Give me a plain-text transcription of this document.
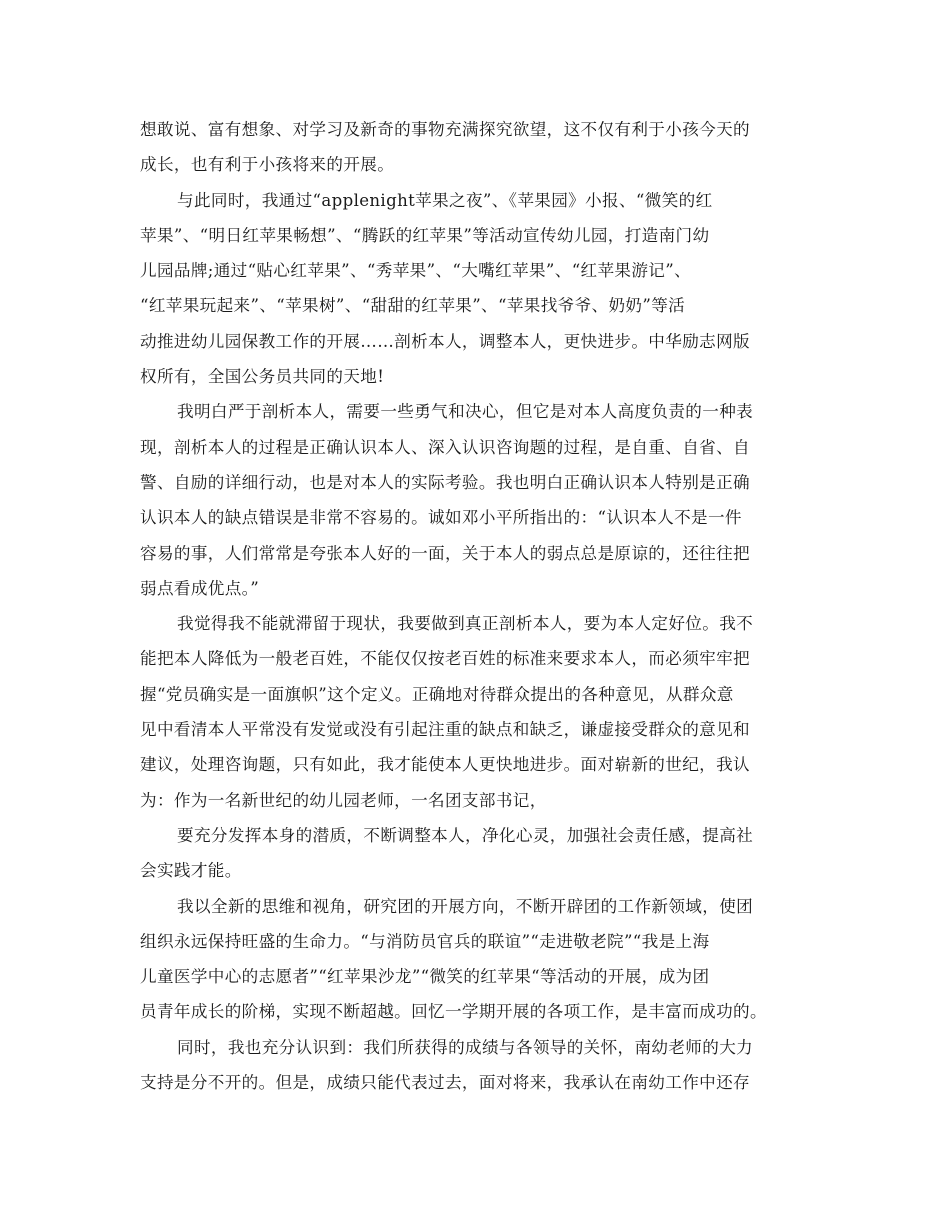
想敢说、富有想象、对学习及新奇的事物充满探究欲望，这不仅有利于小孩今天的
成长，也有利于小孩将来的开展。
与此同时，我通过“applenight苹果之夜”、《苹果园》小报、“微笑的红
苹果”、“明日红苹果畅想”、“腾跃的红苹果”等活动宣传幼儿园，打造南门幼
儿园品牌;通过“贴心红苹果”、“秀苹果”、“大嘴红苹果”、“红苹果游记”、
“红苹果玩起来”、“苹果树”、“甜甜的红苹果”、“苹果找爷爷、奶奶”等活
动推进幼儿园保教工作的开展……剖析本人，调整本人，更快进步。中华励志网版
权所有，全国公务员共同的天地!
我明白严于剖析本人，需要一些勇气和决心，但它是对本人高度负责的一种表
现，剖析本人的过程是正确认识本人、深入认识咨询题的过程，是自重、自省、自
警、自励的详细行动，也是对本人的实际考验。我也明白正确认识本人特别是正确
认识本人的缺点错误是非常不容易的。诚如邓小平所指出的：“认识本人不是一件
容易的事，人们常常是夸张本人好的一面，关于本人的弱点总是原谅的，还往往把
弱点看成优点。”
我觉得我不能就滞留于现状，我要做到真正剖析本人，要为本人定好位。我不
能把本人降低为一般老百姓，不能仅仅按老百姓的标准来要求本人，而必须牢牢把
握“党员确实是一面旗帜”这个定义。正确地对待群众提出的各种意见，从群众意
见中看清本人平常没有发觉或没有引起注重的缺点和缺乏，谦虚接受群众的意见和
建议，处理咨询题，只有如此，我才能使本人更快地进步。面对崭新的世纪，我认
为：作为一名新世纪的幼儿园老师，一名团支部书记，
要充分发挥本身的潜质，不断调整本人，净化心灵，加强社会责任感，提高社
会实践才能。
我以全新的思维和视角，研究团的开展方向，不断开辟团的工作新领域，使团
组织永远保持旺盛的生命力。“与消防员官兵的联谊”“走进敬老院”“我是上海
儿童医学中心的志愿者”“红苹果沙龙”“微笑的红苹果“等活动的开展，成为团
员青年成长的阶梯，实现不断超越。回忆一学期开展的各项工作，是丰富而成功的。
同时，我也充分认识到：我们所获得的成绩与各领导的关怀，南幼老师的大力
支持是分不开的。但是，成绩只能代表过去，面对将来，我承认在南幼工作中还存
